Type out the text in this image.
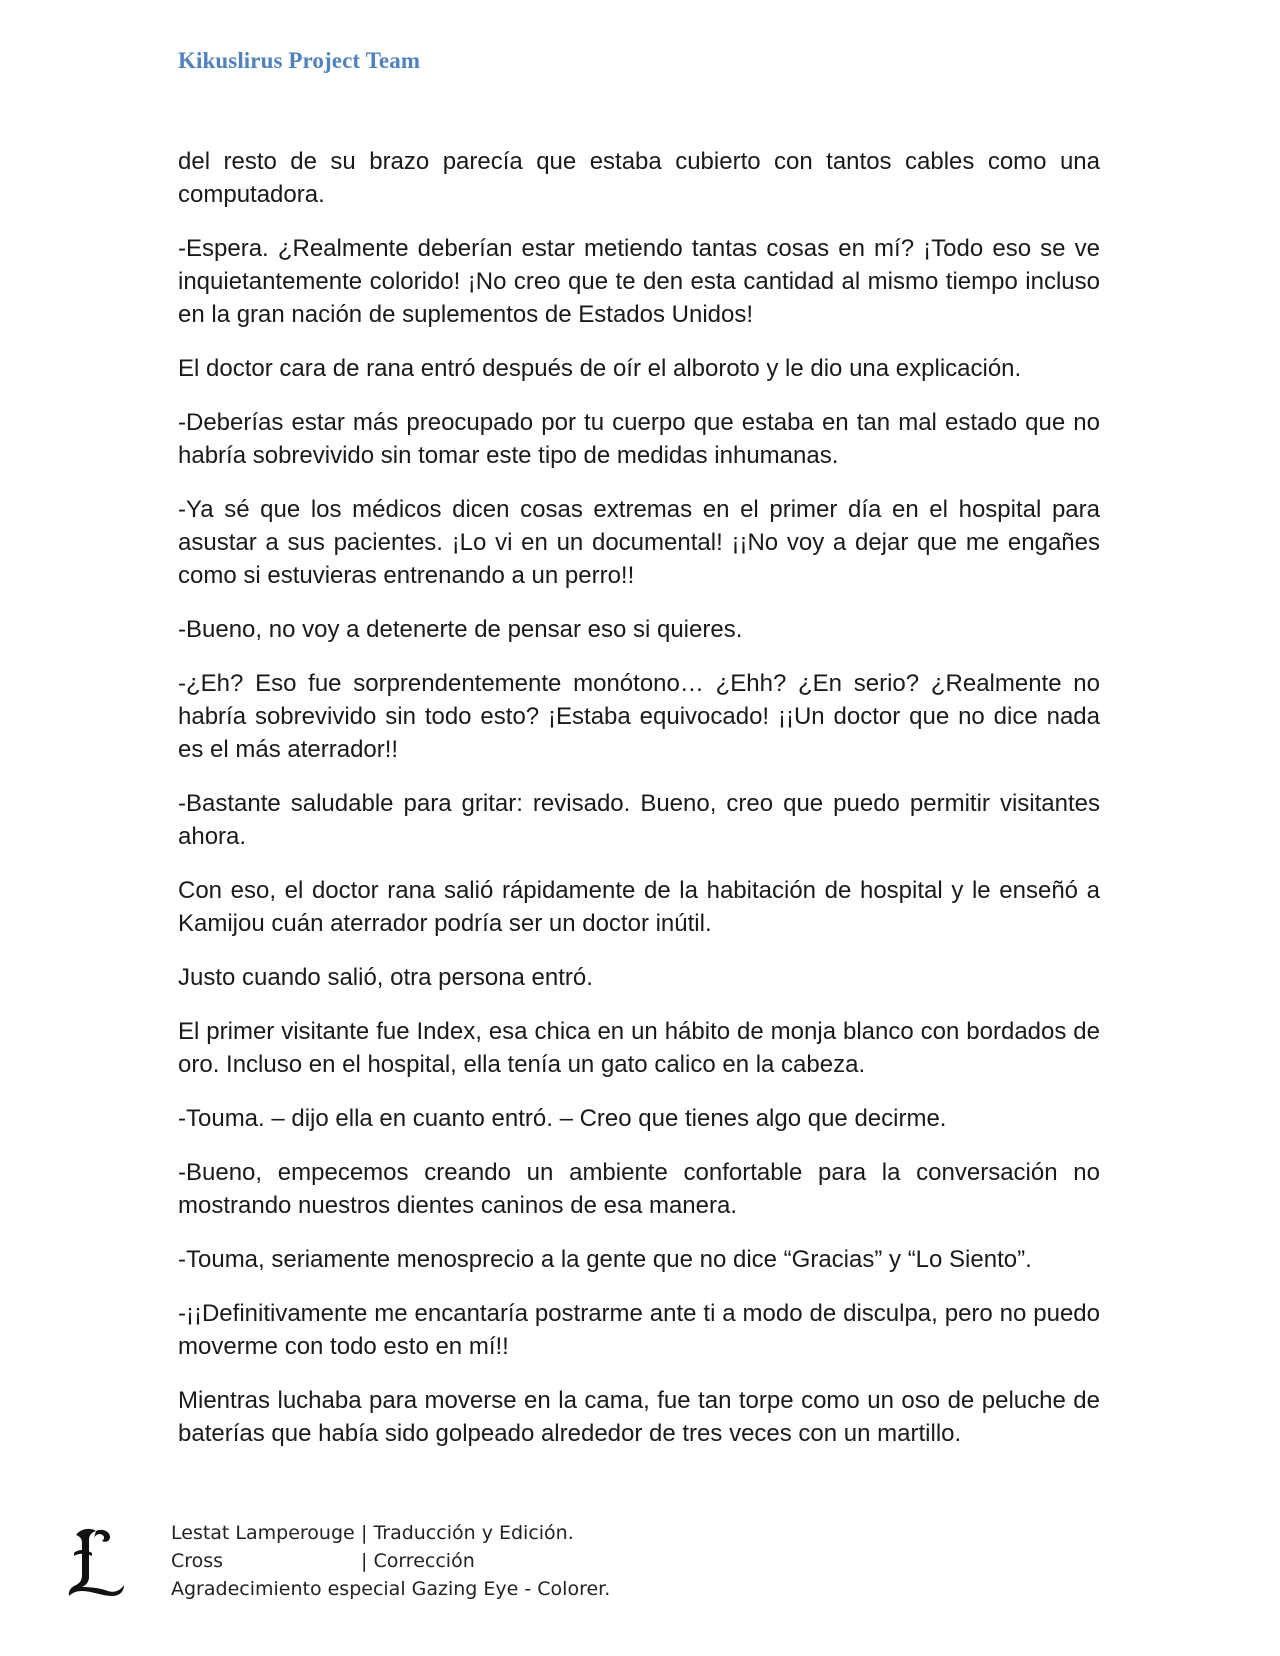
Kikuslirus Project Team

del resto de su brazo parecía que estaba cubierto con tantos cables como una computadora.

-Espera. ¿Realmente deberían estar metiendo tantas cosas en mí? ¡Todo eso se ve inquietantemente colorido! ¡No creo que te den esta cantidad al mismo tiempo incluso en la gran nación de suplementos de Estados Unidos!

El doctor cara de rana entró después de oír el alboroto y le dio una explicación.

-Deberías estar más preocupado por tu cuerpo que estaba en tan mal estado que no habría sobrevivido sin tomar este tipo de medidas inhumanas.

-Ya sé que los médicos dicen cosas extremas en el primer día en el hospital para asustar a sus pacientes. ¡Lo vi en un documental! ¡¡No voy a dejar que me engañes como si estuvieras entrenando a un perro!!

-Bueno, no voy a detenerte de pensar eso si quieres.

-¿Eh? Eso fue sorprendentemente monótono… ¿Ehh? ¿En serio? ¿Realmente no habría sobrevivido sin todo esto? ¡Estaba equivocado! ¡¡Un doctor que no dice nada es el más aterrador!!

-Bastante saludable para gritar: revisado. Bueno, creo que puedo permitir visitantes ahora.

Con eso, el doctor rana salió rápidamente de la habitación de hospital y le enseñó a Kamijou cuán aterrador podría ser un doctor inútil.

Justo cuando salió, otra persona entró.

El primer visitante fue Index, esa chica en un hábito de monja blanco con bordados de oro. Incluso en el hospital, ella tenía un gato calico en la cabeza.

-Touma. – dijo ella en cuanto entró. – Creo que tienes algo que decirme.

-Bueno, empecemos creando un ambiente confortable para la conversación no mostrando nuestros dientes caninos de esa manera.

-Touma, seriamente menosprecio a la gente que no dice “Gracias” y “Lo Siento”.

-¡¡Definitivamente me encantaría postrarme ante ti a modo de disculpa, pero no puedo moverme con todo esto en mí!!

Mientras luchaba para moverse en la cama, fue tan torpe como un oso de peluche de baterías que había sido golpeado alrededor de tres veces con un martillo.

Lestat Lamperouge | Traducción y Edición.
Cross	| Corrección
Agradecimiento especial Gazing Eye - Colorer.
